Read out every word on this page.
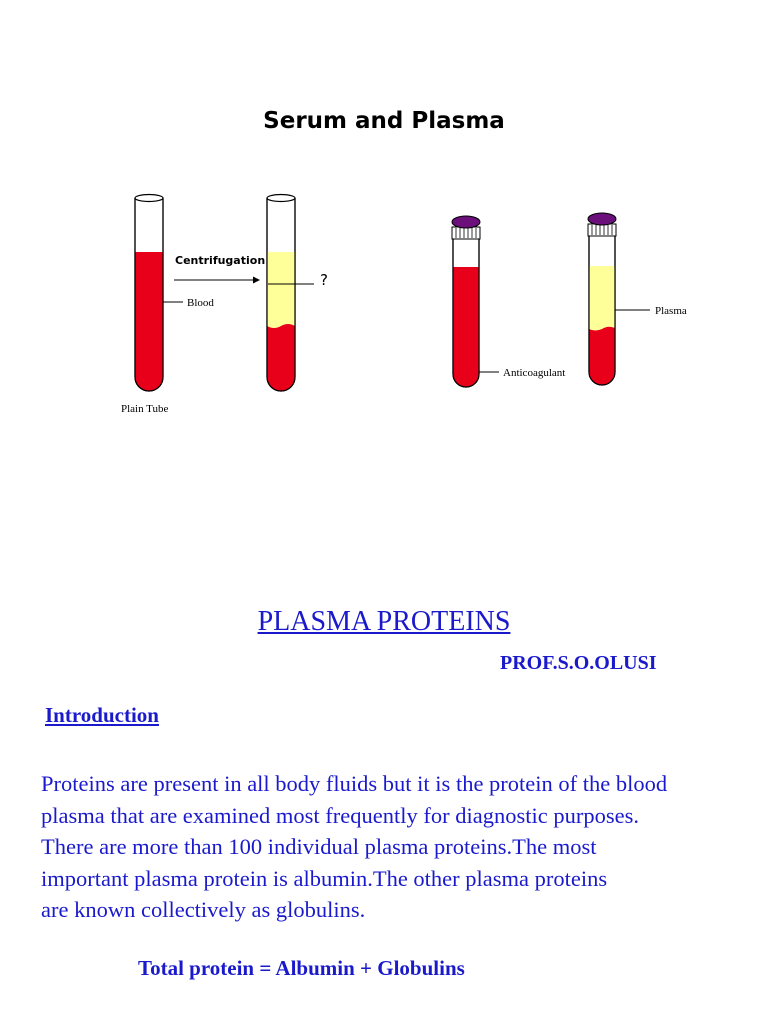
Serum and Plasma
Centrifugation
Blood
?
Plain Tube
Anticoagulant
Plasma
PLASMA PROTEINS
PROF.S.O.OLUSI
Introduction
Proteins are present in all body fluids but it is the protein of the blood
plasma that are examined most frequently for diagnostic purposes.
There are more than 100 individual plasma proteins.The most
important plasma protein is albumin.The other plasma proteins
are known collectively as globulins.
Total protein = Albumin + Globulins
